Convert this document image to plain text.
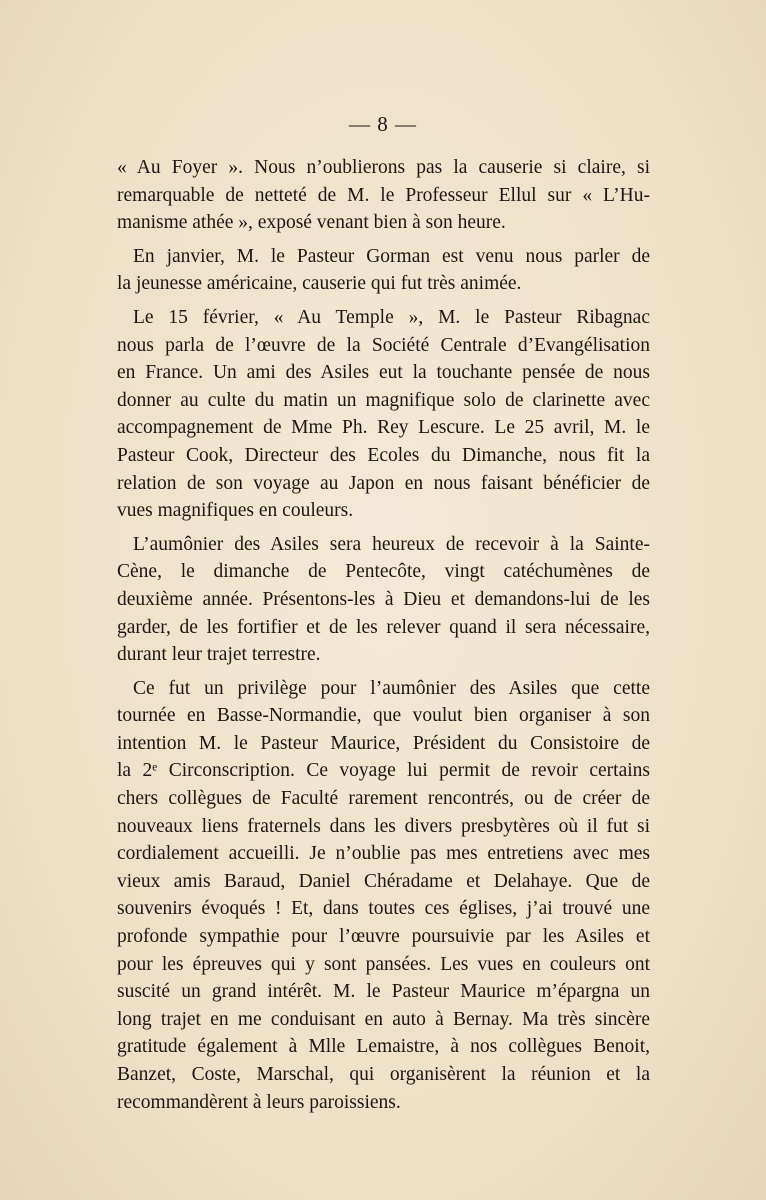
— 8 —
« Au Foyer ». Nous n’oublierons pas la causerie si claire, si
remarquable de netteté de M. le Professeur Ellul sur « L’Hu-
manisme athée », exposé venant bien à son heure.
En janvier, M. le Pasteur Gorman est venu nous parler de
la jeunesse américaine, causerie qui fut très animée.
Le 15 février, « Au Temple », M. le Pasteur Ribagnac
nous parla de l’œuvre de la Société Centrale d’Evangélisation
en France. Un ami des Asiles eut la touchante pensée de nous
donner au culte du matin un magnifique solo de clarinette avec
accompagnement de Mme Ph. Rey Lescure. Le 25 avril, M. le
Pasteur Cook, Directeur des Ecoles du Dimanche, nous fit la
relation de son voyage au Japon en nous faisant bénéficier de
vues magnifiques en couleurs.
L’aumônier des Asiles sera heureux de recevoir à la Sainte-
Cène, le dimanche de Pentecôte, vingt catéchumènes de
deuxième année. Présentons-les à Dieu et demandons-lui de les
garder, de les fortifier et de les relever quand il sera nécessaire,
durant leur trajet terrestre.
Ce fut un privilège pour l’aumônier des Asiles que cette
tournée en Basse-Normandie, que voulut bien organiser à son
intention M. le Pasteur Maurice, Président du Consistoire de
la 2ᵉ Circonscription. Ce voyage lui permit de revoir certains
chers collègues de Faculté rarement rencontrés, ou de créer de
nouveaux liens fraternels dans les divers presbytères où il fut si
cordialement accueilli. Je n’oublie pas mes entretiens avec mes
vieux amis Baraud, Daniel Chéradame et Delahaye. Que de
souvenirs évoqués ! Et, dans toutes ces églises, j’ai trouvé une
profonde sympathie pour l’œuvre poursuivie par les Asiles et
pour les épreuves qui y sont pansées. Les vues en couleurs ont
suscité un grand intérêt. M. le Pasteur Maurice m’épargna un
long trajet en me conduisant en auto à Bernay. Ma très sincère
gratitude également à Mlle Lemaistre, à nos collègues Benoit,
Banzet, Coste, Marschal, qui organisèrent la réunion et la
recommandèrent à leurs paroissiens.
